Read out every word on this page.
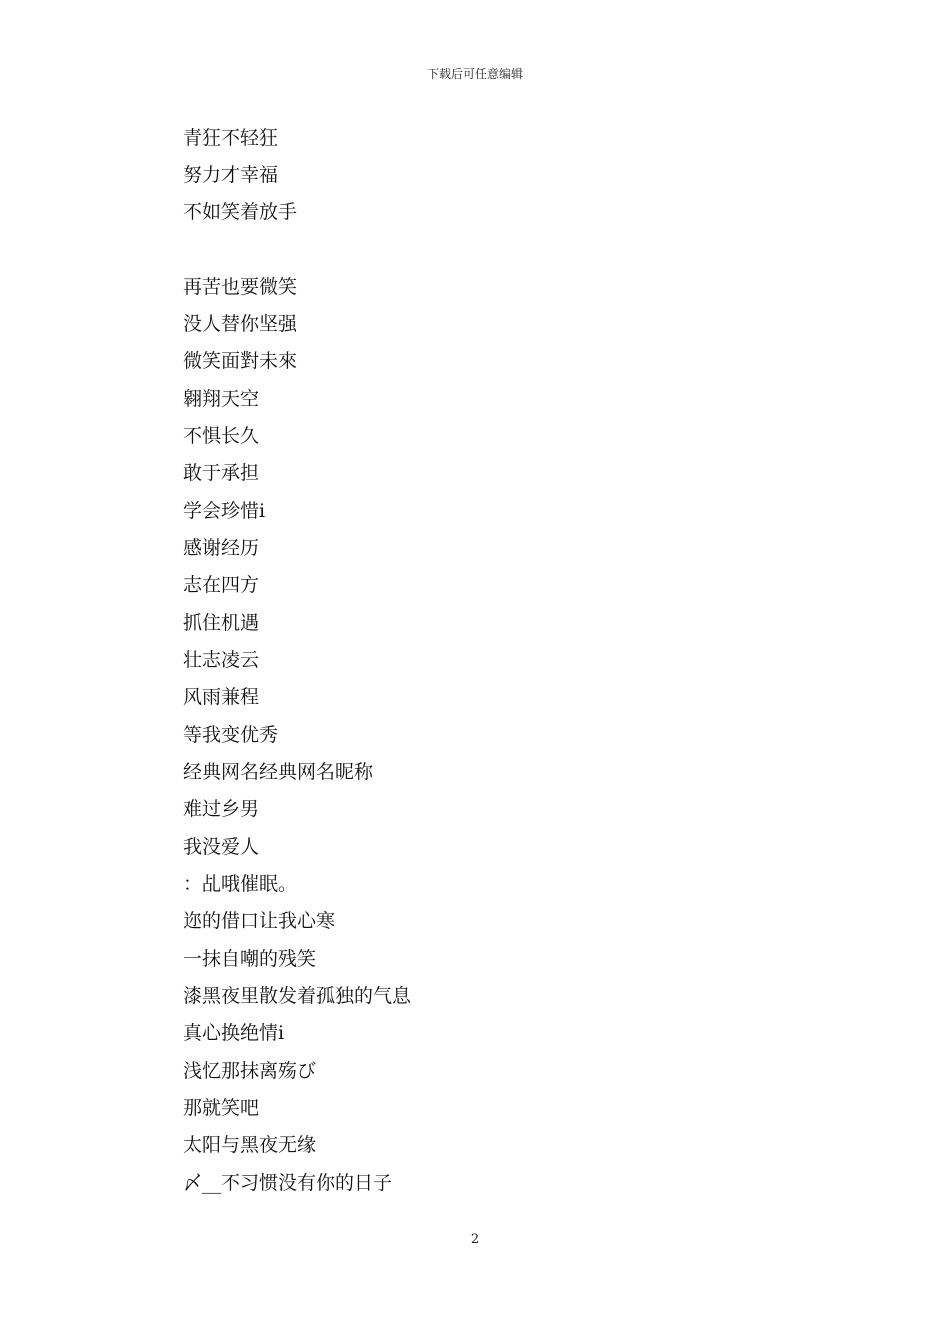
下载后可任意编辑
青狂不轻狂
努力才幸福
不如笑着放手
再苦也要微笑
没人替你坚强
微笑面對未來
翱翔天空
不惧长久
敢于承担
学会珍惜ⅰ
感谢经历
志在四方
抓住机遇
壮志凌云
风雨兼程
等我变优秀
经典网名经典网名昵称
难过乡男
我没爱人
：乩哦催眠。
迩的借口让我心寒
一抹自嘲的残笑
漆黑夜里散发着孤独的气息
真心换绝情ⅰ
浅忆那抹离殇び
那就笑吧
太阳与黑夜无缘
〆__不习惯没有你的日子
2
